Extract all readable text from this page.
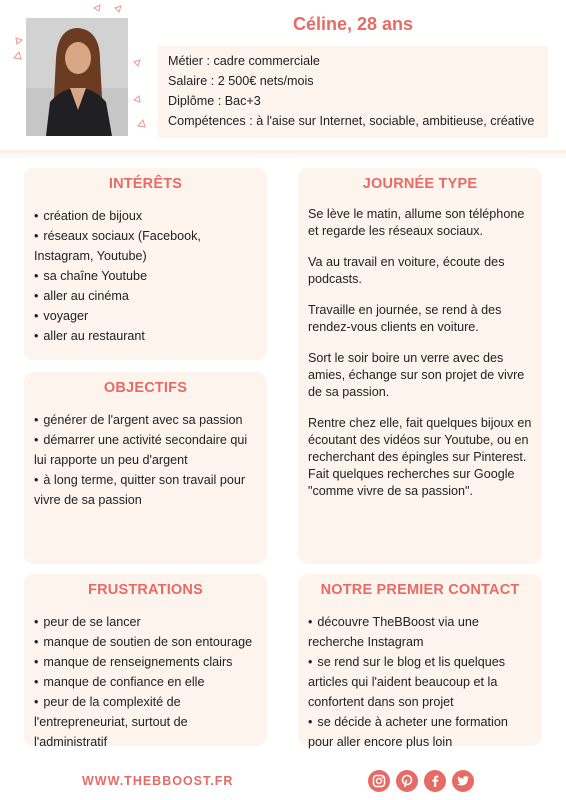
Céline, 28 ans
Métier : cadre commerciale
Salaire : 2 500€ nets/mois
Diplôme : Bac+3
Compétences : à l'aise sur Internet, sociable, ambitieuse, créative
INTÉRÊTS
• création de bijoux
• réseaux sociaux (Facebook, Instagram, Youtube)
• sa chaîne Youtube
• aller au cinéma
• voyager
• aller au restaurant
OBJECTIFS
• générer de l'argent avec sa passion
• démarrer une activité secondaire qui lui rapporte un peu d'argent
• à long terme, quitter son travail pour vivre de sa passion
FRUSTRATIONS
• peur de se lancer
• manque de soutien de son entourage
• manque de renseignements clairs
• manque de confiance en elle
• peur de la complexité de l'entrepreneuriat, surtout de l'administratif
JOURNÉE TYPE

Se lève le matin, allume son téléphone et regarde les réseaux sociaux.

Va au travail en voiture, écoute des podcasts.

Travaille en journée, se rend à des rendez-vous clients en voiture.

Sort le soir boire un verre avec des amies, échange sur son projet de vivre de sa passion.

Rentre chez elle, fait quelques bijoux en écoutant des vidéos sur Youtube, ou en recherchant des épingles sur Pinterest. Fait quelques recherches sur Google "comme vivre de sa passion".

NOTRE PREMIER CONTACT
• découvre TheBBoost via une recherche Instagram
• se rend sur le blog et lis quelques articles qui l'aident beaucoup et la confortent dans son projet
• se décide à acheter une formation pour aller encore plus loin
WWW.THEBBOOST.FR
